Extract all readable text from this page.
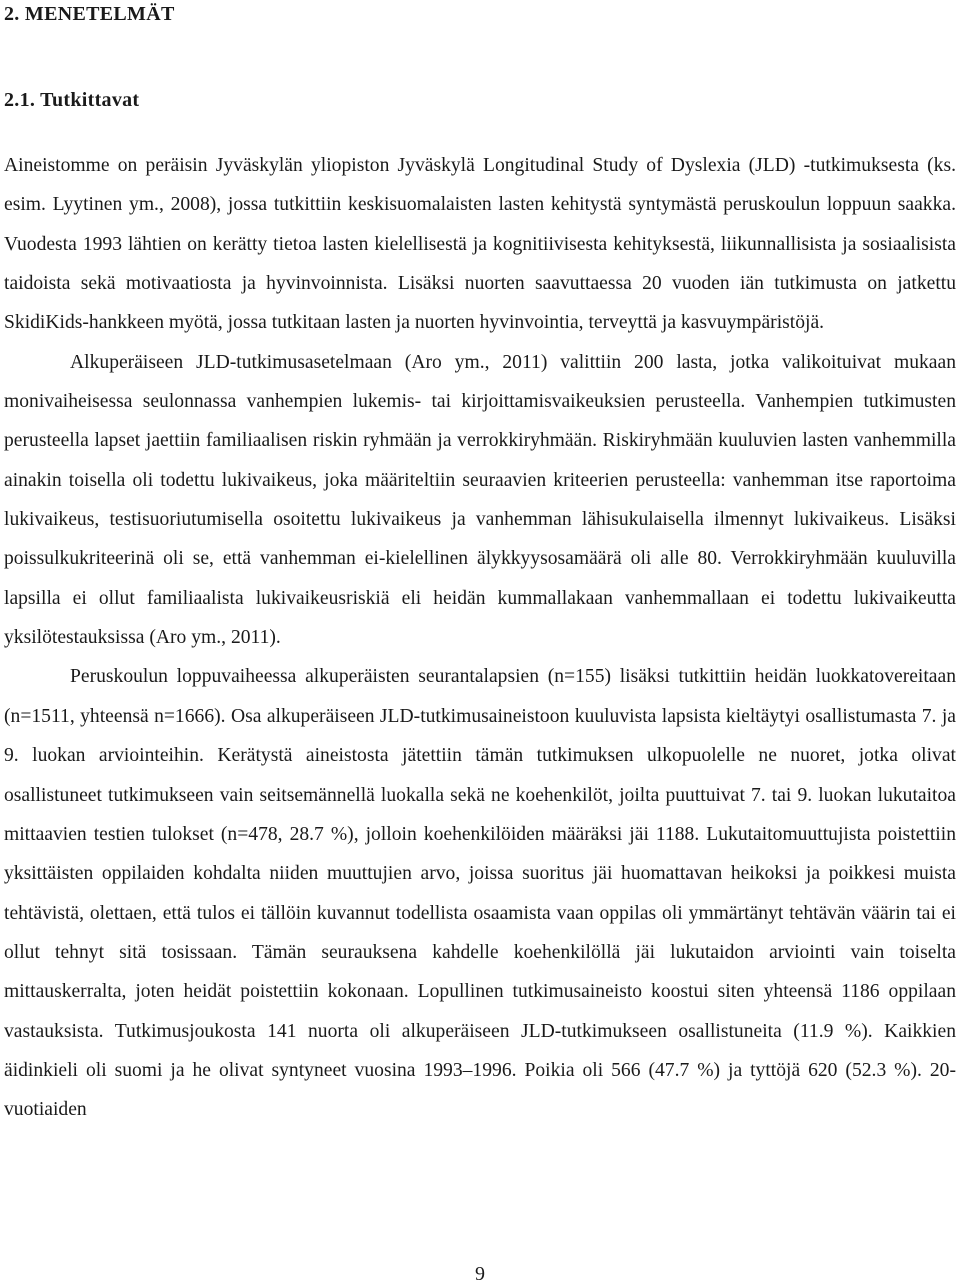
2. MENETELMÄT
2.1. Tutkittavat

Aineistomme on peräisin Jyväskylän yliopiston Jyväskylä Longitudinal Study of Dyslexia (JLD) -tutkimuksesta (ks. esim. Lyytinen ym., 2008), jossa tutkittiin keskisuomalaisten lasten kehitystä syntymästä peruskoulun loppuun saakka. Vuodesta 1993 lähtien on kerätty tietoa lasten kielellisestä ja kognitiivisesta kehityksestä, liikunnallisista ja sosiaalisista taidoista sekä motivaatiosta ja hyvinvoinnista. Lisäksi nuorten saavuttaessa 20 vuoden iän tutkimusta on jatkettu SkidiKids-hankkeen myötä, jossa tutkitaan lasten ja nuorten hyvinvointia, terveyttä ja kasvuympäristöjä.

Alkuperäiseen JLD-tutkimusasetelmaan (Aro ym., 2011) valittiin 200 lasta, jotka valikoituivat mukaan monivaiheisessa seulonnassa vanhempien lukemis- tai kirjoittamisvaikeuksien perusteella. Vanhempien tutkimusten perusteella lapset jaettiin familiaalisen riskin ryhmään ja verrokkiryhmään. Riskiryhmään kuuluvien lasten vanhemmilla ainakin toisella oli todettu lukivaikeus, joka määriteltiin seuraavien kriteerien perusteella: vanhemman itse raportoima lukivaikeus, testisuoriutumisella osoitettu lukivaikeus ja vanhemman lähisukulaisella ilmennyt lukivaikeus. Lisäksi poissulkukriteerinä oli se, että vanhemman ei-kielellinen älykkyysosamäärä oli alle 80. Verrokkiryhmään kuuluvilla lapsilla ei ollut familiaalista lukivaikeusriskiä eli heidän kummallakaan vanhemmallaan ei todettu lukivaikeutta yksilötestauksissa (Aro ym., 2011).

Peruskoulun loppuvaiheessa alkuperäisten seurantalapsien (n=155) lisäksi tutkittiin heidän luokkatovereitaan (n=1511, yhteensä n=1666). Osa alkuperäiseen JLD-tutkimusaineistoon kuuluvista lapsista kieltäytyi osallistumasta 7. ja 9. luokan arviointeihin. Kerätystä aineistosta jätettiin tämän tutkimuksen ulkopuolelle ne nuoret, jotka olivat osallistuneet tutkimukseen vain seitsemännellä luokalla sekä ne koehenkilöt, joilta puuttuivat 7. tai 9. luokan lukutaitoa mittaavien testien tulokset (n=478, 28.7 %), jolloin koehenkilöiden määräksi jäi 1188. Lukutaitomuuttujista poistettiin yksittäisten oppilaiden kohdalta niiden muuttujien arvo, joissa suoritus jäi huomattavan heikoksi ja poikkesi muista tehtävistä, olettaen, että tulos ei tällöin kuvannut todellista osaamista vaan oppilas oli ymmärtänyt tehtävän väärin tai ei ollut tehnyt sitä tosissaan. Tämän seurauksena kahdelle koehenkilöllä jäi lukutaidon arviointi vain toiselta mittauskerralta, joten heidät poistettiin kokonaan. Lopullinen tutkimusaineisto koostui siten yhteensä 1186 oppilaan vastauksista. Tutkimusjoukosta 141 nuorta oli alkuperäiseen JLD-tutkimukseen osallistuneita (11.9 %). Kaikkien äidinkieli oli suomi ja he olivat syntyneet vuosina 1993–1996. Poikia oli 566 (47.7 %) ja tyttöjä 620 (52.3 %). 20-vuotiaiden

9
